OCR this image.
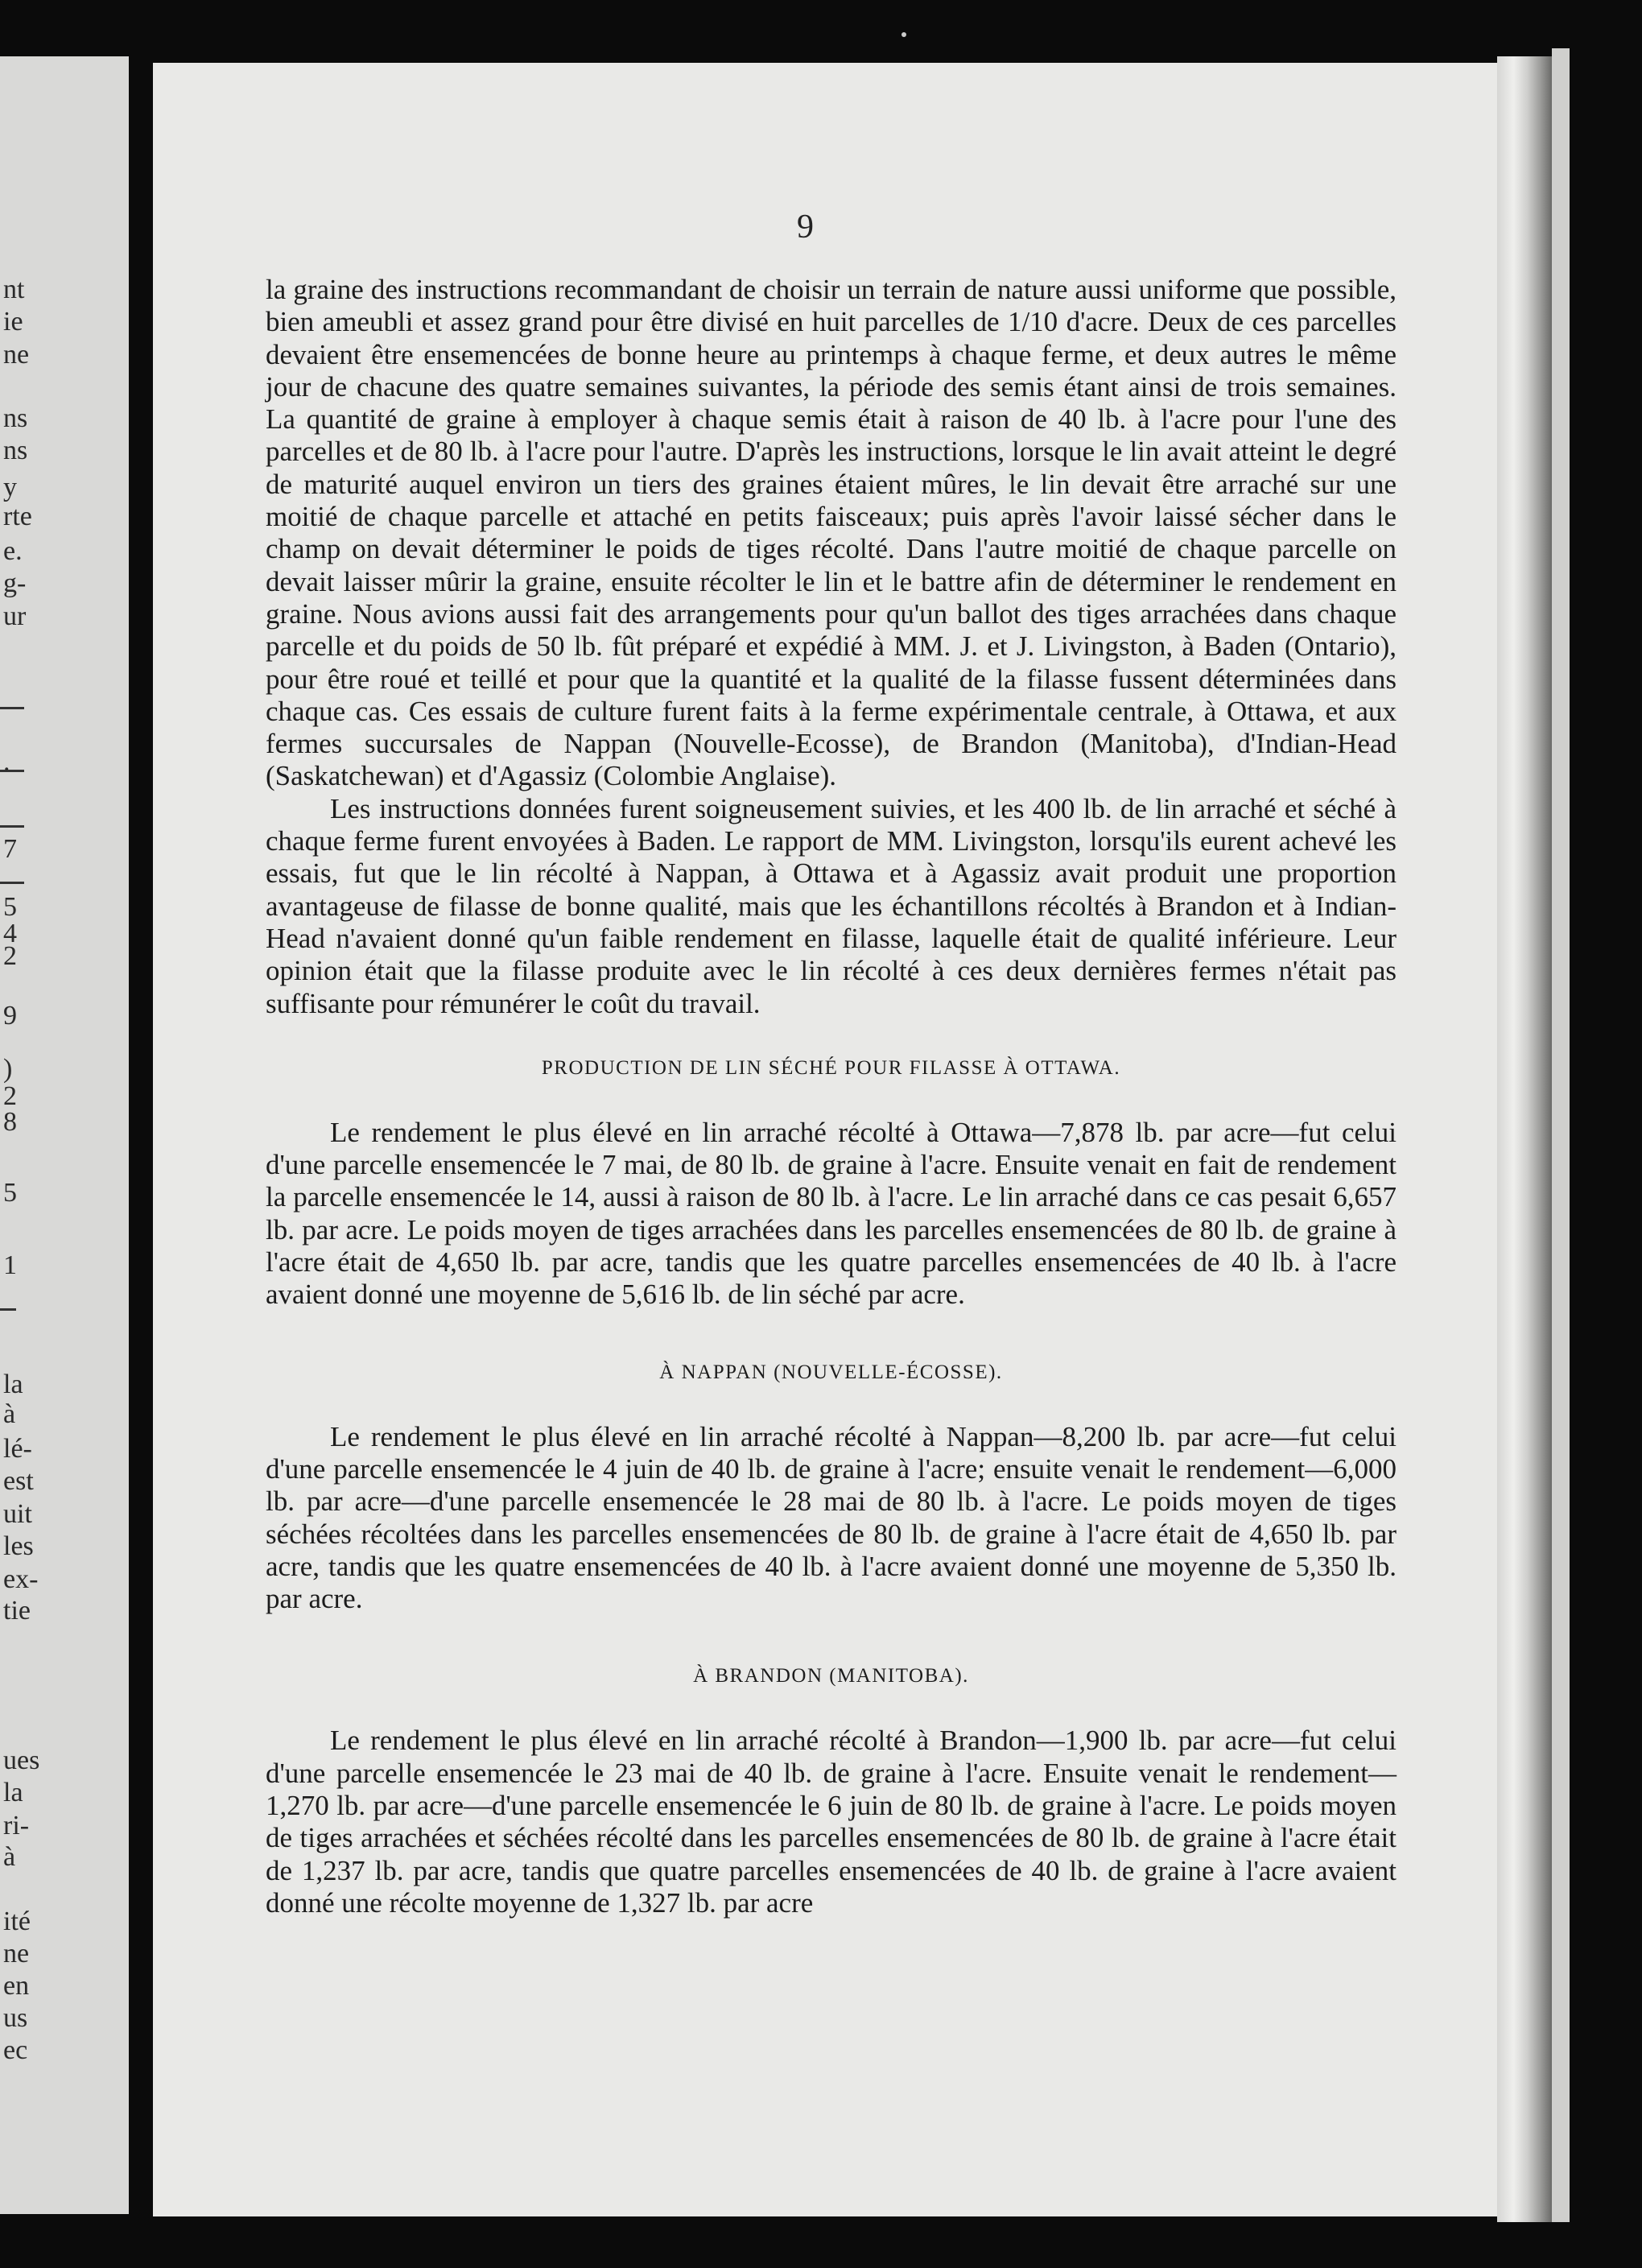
nt
ie
ne
ns
ns
y
rte
e.
g-
ur
.
7
5
4
2
9
)
2
8
5
1
la
à
lé-
est
uit
les
ex-
tie
ues
la
ri-
à
ité
ne
en
us
ec
9

la graine des instructions recommandant de choisir un terrain de nature aussi uniforme que possible, bien ameubli et assez grand pour être divisé en huit parcelles de 1/10 d'acre. Deux de ces parcelles devaient être ensemencées de bonne heure au printemps à chaque ferme, et deux autres le même jour de chacune des quatre semaines suivantes, la période des semis étant ainsi de trois semaines. La quantité de graine à employer à chaque semis était à raison de 40 lb. à l'acre pour l'une des parcelles et de 80 lb. à l'acre pour l'autre. D'après les instructions, lorsque le lin avait atteint le degré de maturité auquel environ un tiers des graines étaient mûres, le lin devait être arraché sur une moitié de chaque parcelle et attaché en petits faisceaux; puis après l'avoir laissé sécher dans le champ on devait déterminer le poids de tiges récolté. Dans l'autre moitié de chaque parcelle on devait laisser mûrir la graine, ensuite récolter le lin et le battre afin de déterminer le rendement en graine. Nous avions aussi fait des arrangements pour qu'un ballot des tiges arrachées dans chaque parcelle et du poids de 50 lb. fût préparé et expédié à MM. J. et J. Livingston, à Baden (Ontario), pour être roué et teillé et pour que la quantité et la qualité de la filasse fussent déterminées dans chaque cas. Ces essais de culture furent faits à la ferme expérimentale centrale, à Ottawa, et aux fermes succursales de Nappan (Nouvelle-Ecosse), de Brandon (Manitoba), d'Indian-Head (Saskatchewan) et d'Agassiz (Colombie Anglaise).

Les instructions données furent soigneusement suivies, et les 400 lb. de lin arraché et séché à chaque ferme furent envoyées à Baden. Le rapport de MM. Livingston, lorsqu'ils eurent achevé les essais, fut que le lin récolté à Nappan, à Ottawa et à Agassiz avait produit une proportion avantageuse de filasse de bonne qualité, mais que les échantillons récoltés à Brandon et à Indian-Head n'avaient donné qu'un faible rendement en filasse, laquelle était de qualité inférieure. Leur opinion était que la filasse produite avec le lin récolté à ces deux dernières fermes n'était pas suffisante pour rémunérer le coût du travail.

PRODUCTION DE LIN SÉCHÉ POUR FILASSE À OTTAWA.

Le rendement le plus élevé en lin arraché récolté à Ottawa—7,878 lb. par acre—fut celui d'une parcelle ensemencée le 7 mai, de 80 lb. de graine à l'acre. Ensuite venait en fait de rendement la parcelle ensemencée le 14, aussi à raison de 80 lb. à l'acre. Le lin arraché dans ce cas pesait 6,657 lb. par acre. Le poids moyen de tiges arrachées dans les parcelles ensemencées de 80 lb. de graine à l'acre était de 4,650 lb. par acre, tandis que les quatre parcelles ensemencées de 40 lb. à l'acre avaient donné une moyenne de 5,616 lb. de lin séché par acre.

À NAPPAN (NOUVELLE-ÉCOSSE).

Le rendement le plus élevé en lin arraché récolté à Nappan—8,200 lb. par acre—fut celui d'une parcelle ensemencée le 4 juin de 40 lb. de graine à l'acre; ensuite venait le rendement—6,000 lb. par acre—d'une parcelle ensemencée le 28 mai de 80 lb. à l'acre. Le poids moyen de tiges séchées récoltées dans les parcelles ensemencées de 80 lb. de graine à l'acre était de 4,650 lb. par acre, tandis que les quatre ensemencées de 40 lb. à l'acre avaient donné une moyenne de 5,350 lb. par acre.

À BRANDON (MANITOBA).

Le rendement le plus élevé en lin arraché récolté à Brandon—1,900 lb. par acre—fut celui d'une parcelle ensemencée le 23 mai de 40 lb. de graine à l'acre. Ensuite venait le rendement—1,270 lb. par acre—d'une parcelle ensemencée le 6 juin de 80 lb. de graine à l'acre. Le poids moyen de tiges arrachées et séchées récolté dans les parcelles ensemencées de 80 lb. de graine à l'acre était de 1,237 lb. par acre, tandis que quatre parcelles ensemencées de 40 lb. de graine à l'acre avaient donné une récolte moyenne de 1,327 lb. par acre
